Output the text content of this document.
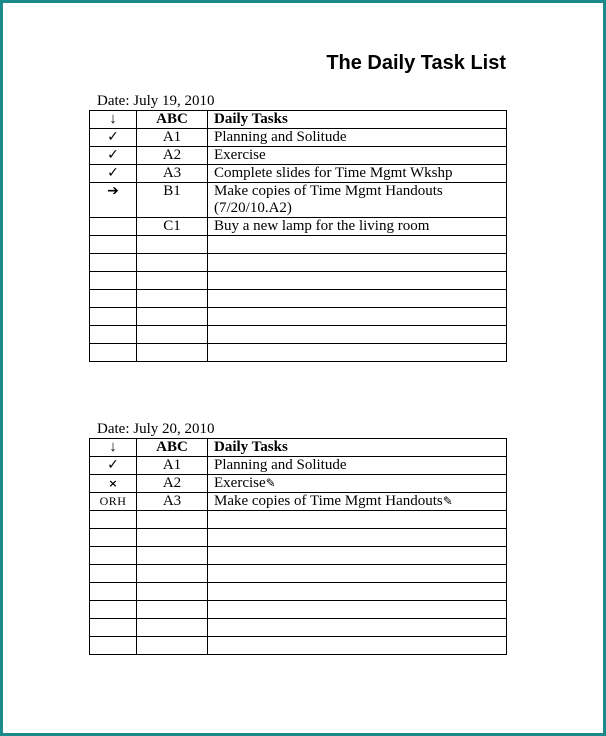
The Daily Task List
Date: July 19, 2010
↓	ABC	Daily Tasks
✓	A1	Planning and Solitude
✓	A2	Exercise
✓	A3	Complete slides for Time Mgmt Wkshp
➔	B1	Make copies of Time Mgmt Handouts
(7/20/10.A2)
	C1	Buy a new lamp for the living room

Date: July 20, 2010
↓	ABC	Daily Tasks
✓	A1	Planning and Solitude
×	A2	Exercise✎
ORH	A3	Make copies of Time Mgmt Handouts✎
